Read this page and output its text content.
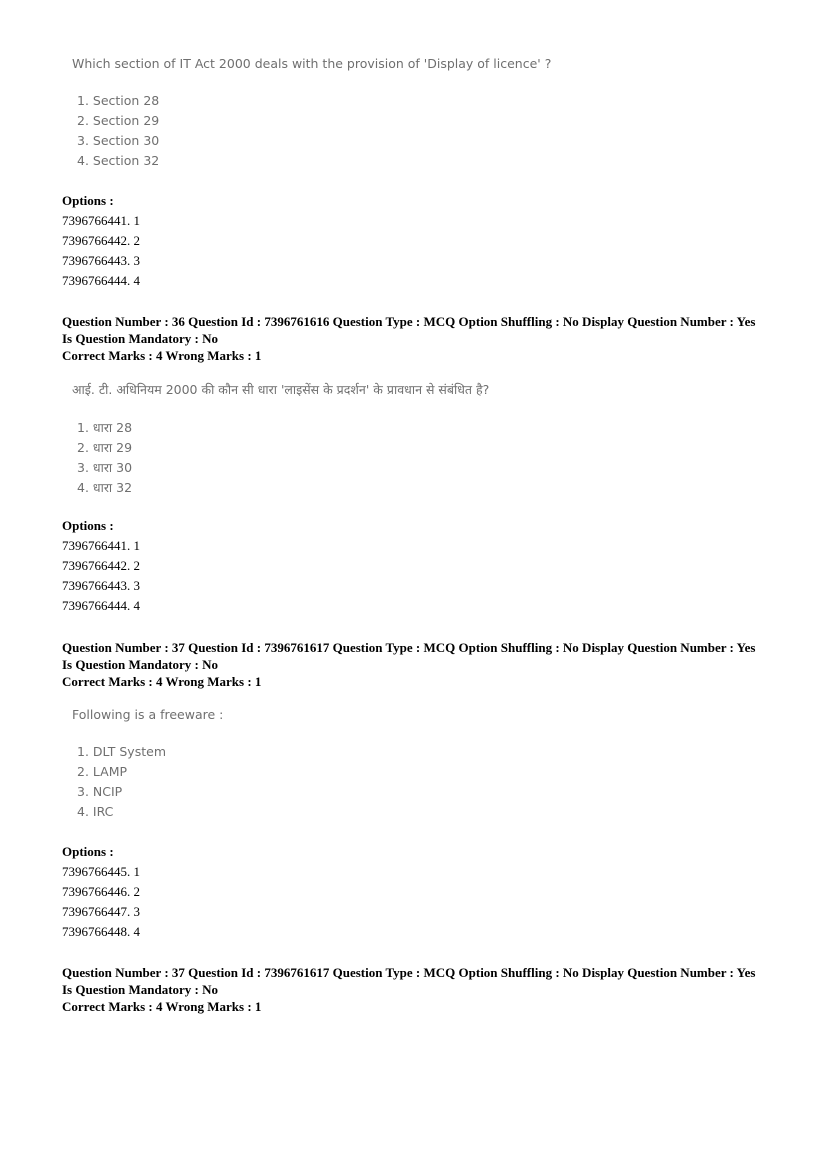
Which section of IT Act 2000 deals with the provision of 'Display of licence' ?

1. Section 28

2. Section 29

3. Section 30

4. Section 32

Options :
7396766441. 1
7396766442. 2
7396766443. 3
7396766444. 4
Question Number : 36 Question Id : 7396761616 Question Type : MCQ Option Shuffling : No Display Question Number : Yes
Is Question Mandatory : No
Correct Marks : 4 Wrong Marks : 1

आई. टी. अधिनियम 2000 की कौन सी धारा 'लाइसेंस के प्रदर्शन' के प्रावधान से संबंधित है?

1. धारा 28

2. धारा 29

3. धारा 30

4. धारा 32

Options :
7396766441. 1
7396766442. 2
7396766443. 3
7396766444. 4
Question Number : 37 Question Id : 7396761617 Question Type : MCQ Option Shuffling : No Display Question Number : Yes
Is Question Mandatory : No
Correct Marks : 4 Wrong Marks : 1

Following is a freeware :

1. DLT System

2. LAMP

3. NCIP

4. IRC

Options :
7396766445. 1
7396766446. 2
7396766447. 3
7396766448. 4
Question Number : 37 Question Id : 7396761617 Question Type : MCQ Option Shuffling : No Display Question Number : Yes
Is Question Mandatory : No
Correct Marks : 4 Wrong Marks : 1
